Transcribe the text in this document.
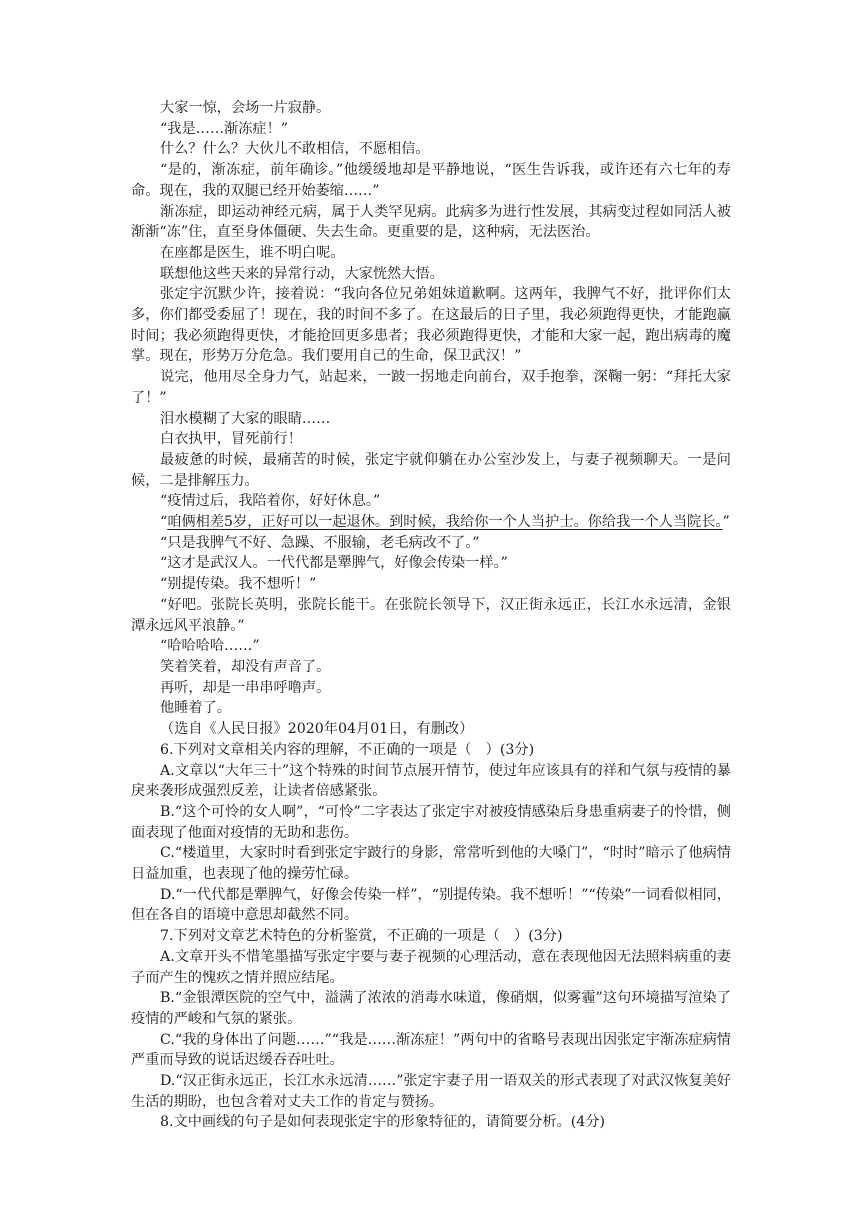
大家一惊，会场一片寂静。

“我是……渐冻症！”

什么？什么？大伙儿不敢相信，不愿相信。

“是的，渐冻症，前年确诊。”他缓缓地却是平静地说，“医生告诉我，或许还有六七年的寿命。现在，我的双腿已经开始萎缩……”

渐冻症，即运动神经元病，属于人类罕见病。此病多为进行性发展，其病变过程如同活人被渐渐“冻”住，直至身体僵硬、失去生命。更重要的是，这种病，无法医治。

在座都是医生，谁不明白呢。

联想他这些天来的异常行动，大家恍然大悟。

张定宇沉默少许，接着说：“我向各位兄弟姐妹道歉啊。这两年，我脾气不好，批评你们太多，你们都受委屈了！现在，我的时间不多了。在这最后的日子里，我必须跑得更快，才能跑赢时间；我必须跑得更快，才能抢回更多患者；我必须跑得更快，才能和大家一起，跑出病毒的魔掌。现在，形势万分危急。我们要用自己的生命，保卫武汉！”

说完，他用尽全身力气，站起来，一跛一拐地走向前台，双手抱拳，深鞠一躬：“拜托大家了！”

泪水模糊了大家的眼睛……

白衣执甲，冒死前行！

最疲惫的时候，最痛苦的时候，张定宇就仰躺在办公室沙发上，与妻子视频聊天。一是问候，二是排解压力。

“疫情过后，我陪着你，好好休息。”

“咱俩相差5岁，正好可以一起退休。到时候，我给你一个人当护士。你给我一个人当院长。”

“只是我脾气不好、急躁、不服输，老毛病改不了。”

“这才是武汉人。一代代都是犟脾气，好像会传染一样。”

“别提传染。我不想听！”

“好吧。张院长英明，张院长能干。在张院长领导下，汉正街永远正，长江水永远清，金银潭永远风平浪静。”

“哈哈哈哈……”

笑着笑着，却没有声音了。

再听，却是一串串呼噜声。

他睡着了。

（选自《人民日报》2020年04月01日，有删改）

6.下列对文章相关内容的理解，不正确的一项是（　）(3分)

A.文章以“大年三十”这个特殊的时间节点展开情节，使过年应该具有的祥和气氛与疫情的暴戾来袭形成强烈反差，让读者倍感紧张。

B.“这个可怜的女人啊”，“可怜”二字表达了张定宇对被疫情感染后身患重病妻子的怜惜，侧面表现了他面对疫情的无助和悲伤。

C.“楼道里，大家时时看到张定宇跛行的身影，常常听到他的大嗓门”，“时时”暗示了他病情日益加重，也表现了他的操劳忙碌。

D.“一代代都是犟脾气，好像会传染一样”，“别提传染。我不想听！”“传染”一词看似相同，但在各自的语境中意思却截然不同。

7.下列对文章艺术特色的分析鉴赏，不正确的一项是（　）(3分)

A.文章开头不惜笔墨描写张定宇要与妻子视频的心理活动，意在表现他因无法照料病重的妻子而产生的愧疚之情并照应结尾。

B.“金银潭医院的空气中，溢满了浓浓的消毒水味道，像硝烟，似雾霾”这句环境描写渲染了疫情的严峻和气氛的紧张。

C.“我的身体出了问题……”“我是……渐冻症！”两句中的省略号表现出因张定宇渐冻症病情严重而导致的说话迟缓吞吞吐吐。

D.“汉正街永远正，长江水永远清……”张定宇妻子用一语双关的形式表现了对武汉恢复美好生活的期盼，也包含着对丈夫工作的肯定与赞扬。

8.文中画线的句子是如何表现张定宇的形象特征的，请简要分析。(4分)
